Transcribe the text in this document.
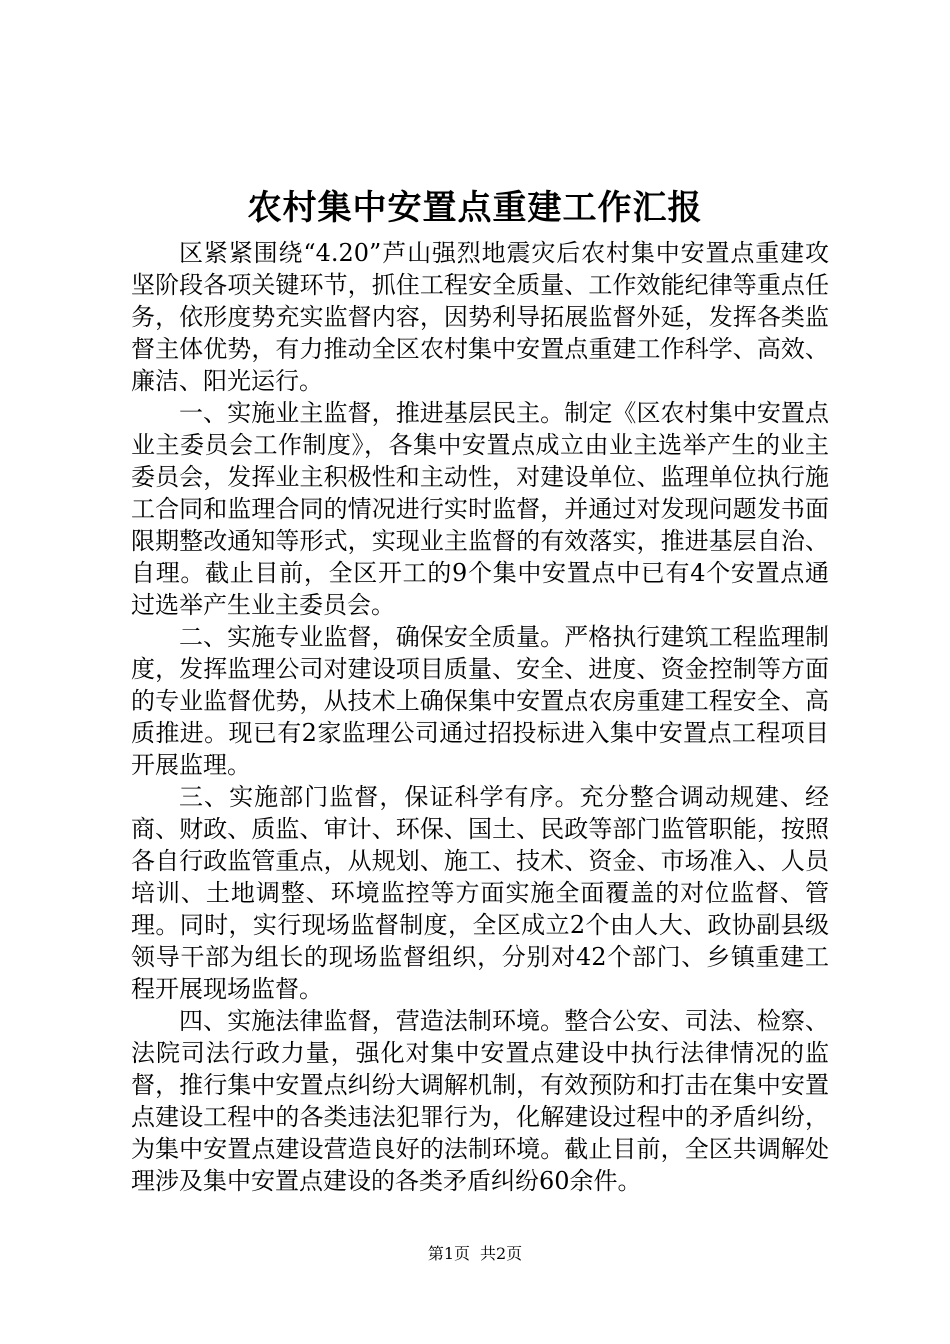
农村集中安置点重建工作汇报

区紧紧围绕“4.20”芦山强烈地震灾后农村集中安置点重建攻坚阶段各项关键环节，抓住工程安全质量、工作效能纪律等重点任务，依形度势充实监督内容，因势利导拓展监督外延，发挥各类监督主体优势，有力推动全区农村集中安置点重建工作科学、高效、廉洁、阳光运行。

一、实施业主监督，推进基层民主。制定《区农村集中安置点业主委员会工作制度》，各集中安置点成立由业主选举产生的业主委员会，发挥业主积极性和主动性，对建设单位、监理单位执行施工合同和监理合同的情况进行实时监督，并通过对发现问题发书面限期整改通知等形式，实现业主监督的有效落实，推进基层自治、自理。截止目前，全区开工的9个集中安置点中已有4个安置点通过选举产生业主委员会。

二、实施专业监督，确保安全质量。严格执行建筑工程监理制度，发挥监理公司对建设项目质量、安全、进度、资金控制等方面的专业监督优势，从技术上确保集中安置点农房重建工程安全、高质推进。现已有2家监理公司通过招投标进入集中安置点工程项目开展监理。

三、实施部门监督，保证科学有序。充分整合调动规建、经商、财政、质监、审计、环保、国土、民政等部门监管职能，按照各自行政监管重点，从规划、施工、技术、资金、市场准入、人员培训、土地调整、环境监控等方面实施全面覆盖的对位监督、管理。同时，实行现场监督制度，全区成立2个由人大、政协副县级领导干部为组长的现场监督组织，分别对42个部门、乡镇重建工程开展现场监督。

四、实施法律监督，营造法制环境。整合公安、司法、检察、法院司法行政力量，强化对集中安置点建设中执行法律情况的监督，推行集中安置点纠纷大调解机制，有效预防和打击在集中安置点建设工程中的各类违法犯罪行为，化解建设过程中的矛盾纠纷，为集中安置点建设营造良好的法制环境。截止目前，全区共调解处理涉及集中安置点建设的各类矛盾纠纷60余件。

第1页 共2页
